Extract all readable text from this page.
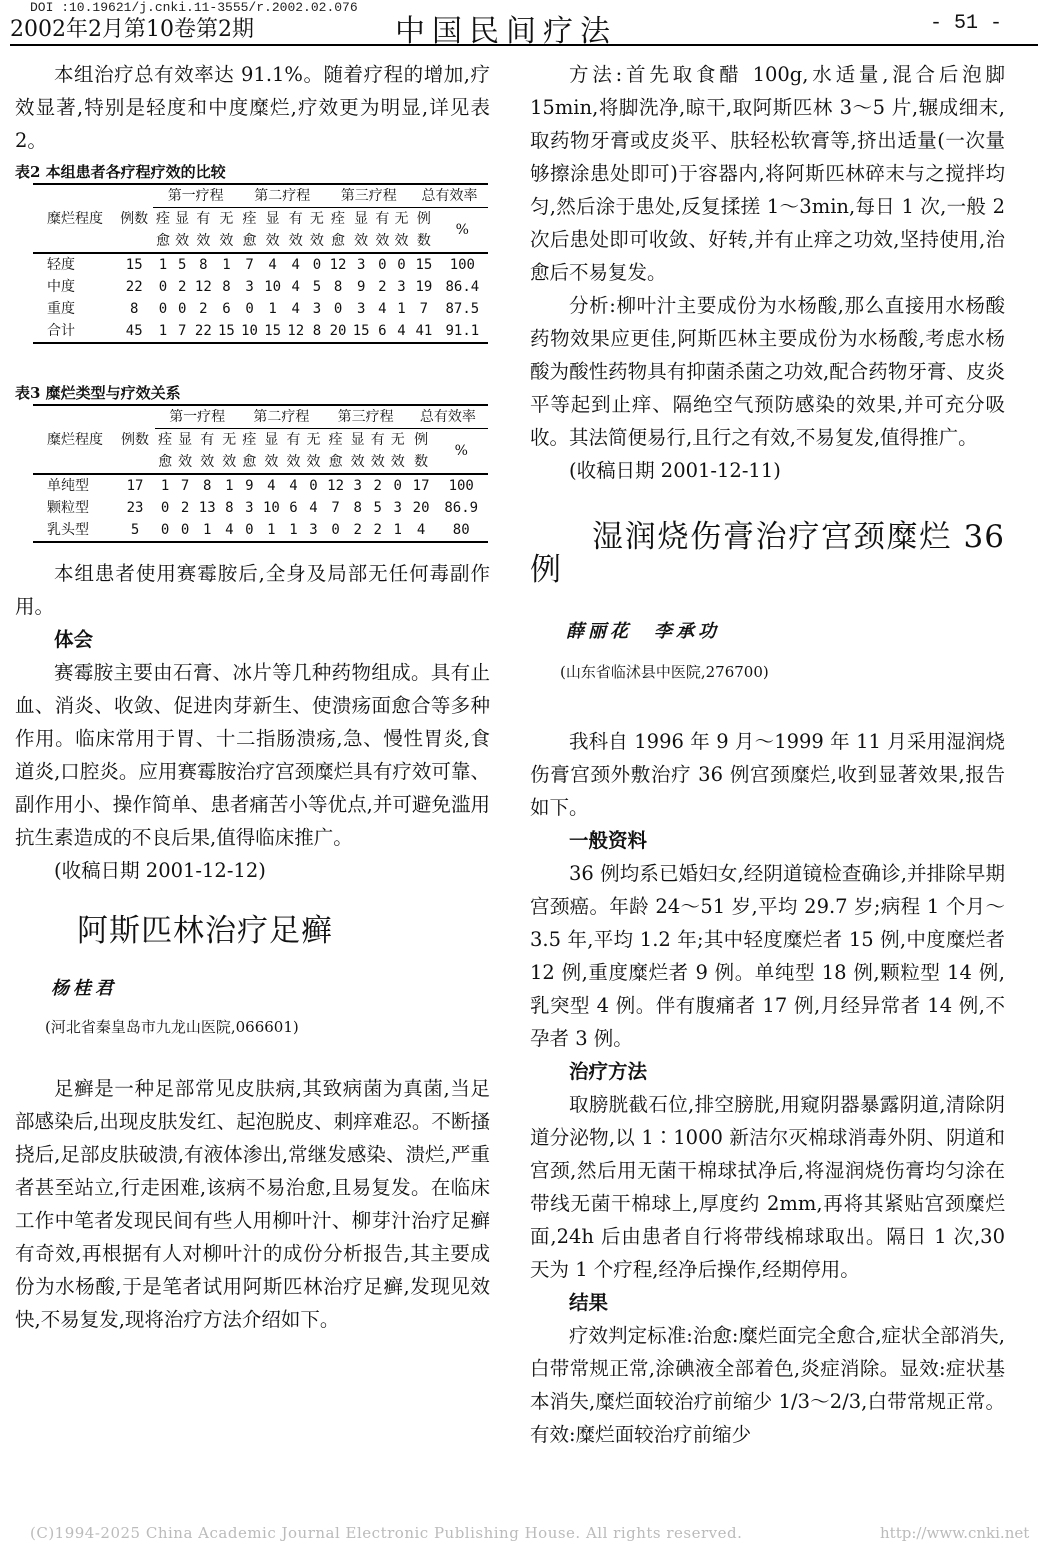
DOI :10.19621/j.cnki.11-3555/r.2002.02.076
2002年2月第10卷第2期	中国民间疗法	- 51 -

本组治疗总有效率达 91.1%。随着疗程的增加,疗效显著,特别是轻度和中度糜烂,疗效更为明显,详见表 2。

表2 本组患者各疗程疗效的比较

糜烂程度	例数	第一疗程				第二疗程				第三疗程				总有效率	
		痊	显	有	无	痊	显	有	无	痊	显	有	无	例	%
		愈	效	效	效	愈	效	效	效	愈	效	效	效	数	
轻度	15	1	5	8	1	7	4	4	0	12	3	0	0	15	100
中度	22	0	2	12	8	3	10	4	5	8	9	2	3	19	86.4
重度	8	0	0	2	6	0	1	4	3	0	3	4	1	7	87.5
合计	45	1	7	22	15	10	15	12	8	20	15	6	4	41	91.1

表3 糜烂类型与疗效关系

糜烂程度	例数	第一疗程				第二疗程				第三疗程				总有效率	
		痊	显	有	无	痊	显	有	无	痊	显	有	无	例	%
		愈	效	效	效	愈	效	效	效	愈	效	效	效	数	
单纯型	17	1	7	8	1	9	4	4	0	12	3	2	0	17	100
颗粒型	23	0	2	13	8	3	10	6	4	7	8	5	3	20	86.9
乳头型	5	0	0	1	4	0	1	1	3	0	2	2	1	4	80

本组患者使用赛霉胺后,全身及局部无任何毒副作用。

体会

赛霉胺主要由石膏、冰片等几种药物组成。具有止血、消炎、收敛、促进肉芽新生、使溃疡面愈合等多种作用。临床常用于胃、十二指肠溃疡,急、慢性胃炎,食道炎,口腔炎。应用赛霉胺治疗宫颈糜烂具有疗效可靠、副作用小、操作简单、患者痛苦小等优点,并可避免滥用抗生素造成的不良后果,值得临床推广。

(收稿日期 2001-12-12)

阿斯匹林治疗足癣

杨桂君

(河北省秦皇岛市九龙山医院,066601)

足癣是一种足部常见皮肤病,其致病菌为真菌,当足部感染后,出现皮肤发红、起泡脱皮、刺痒难忍。不断搔挠后,足部皮肤破溃,有液体渗出,常继发感染、溃烂,严重者甚至站立,行走困难,该病不易治愈,且易复发。在临床工作中笔者发现民间有些人用柳叶汁、柳芽汁治疗足癣有奇效,再根据有人对柳叶汁的成份分析报告,其主要成份为水杨酸,于是笔者试用阿斯匹林治疗足癣,发现见效快,不易复发,现将治疗方法介绍如下。

方法:首先取食醋 100g,水适量,混合后泡脚 15min,将脚洗净,晾干,取阿斯匹林 3～5 片,辗成细末,取药物牙膏或皮炎平、肤轻松软膏等,挤出适量(一次量够擦涂患处即可)于容器内,将阿斯匹林碎末与之搅拌均匀,然后涂于患处,反复揉搓 1～3min,每日 1 次,一般 2 次后患处即可收敛、好转,并有止痒之功效,坚持使用,治愈后不易复发。

分析:柳叶汁主要成份为水杨酸,那么直接用水杨酸药物效果应更佳,阿斯匹林主要成份为水杨酸,考虑水杨酸为酸性药物具有抑菌杀菌之功效,配合药物牙膏、皮炎平等起到止痒、隔绝空气预防感染的效果,并可充分吸收。其法简便易行,且行之有效,不易复发,值得推广。

(收稿日期 2001-12-11)

湿润烧伤膏治疗宫颈糜烂 36 例

薛丽花　李承功

(山东省临沭县中医院,276700)

我科自 1996 年 9 月～1999 年 11 月采用湿润烧伤膏宫颈外敷治疗 36 例宫颈糜烂,收到显著效果,报告如下。

一般资料

36 例均系已婚妇女,经阴道镜检查确诊,并排除早期宫颈癌。年龄 24～51 岁,平均 29.7 岁;病程 1 个月～3.5 年,平均 1.2 年;其中轻度糜烂者 15 例,中度糜烂者 12 例,重度糜烂者 9 例。单纯型 18 例,颗粒型 14 例,乳突型 4 例。伴有腹痛者 17 例,月经异常者 14 例,不孕者 3 例。

治疗方法

取膀胱截石位,排空膀胱,用窥阴器暴露阴道,清除阴道分泌物,以 1∶1000 新洁尔灭棉球消毒外阴、阴道和宫颈,然后用无菌干棉球拭净后,将湿润烧伤膏均匀涂在带线无菌干棉球上,厚度约 2mm,再将其紧贴宫颈糜烂面,24h 后由患者自行将带线棉球取出。隔日 1 次,30 天为 1 个疗程,经净后操作,经期停用。

结果

疗效判定标准:治愈:糜烂面完全愈合,症状全部消失,白带常规正常,涂碘液全部着色,炎症消除。显效:症状基本消失,糜烂面较治疗前缩少 1/3～2/3,白带常规正常。有效:糜烂面较治疗前缩少

(C)1994-2025 China Academic Journal Electronic Publishing House. All rights reserved.	http://www.cnki.net
